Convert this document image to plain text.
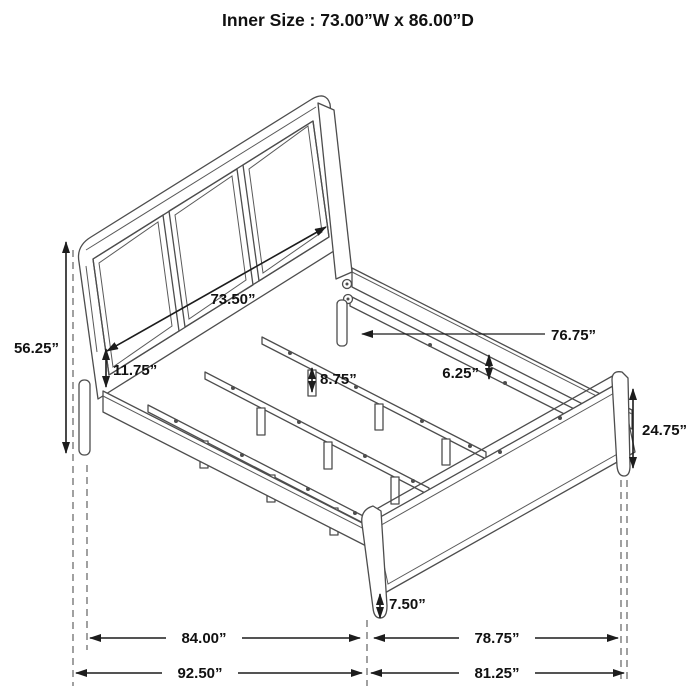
73.50”
76.75”
56.25”
11.75”
8.75”	6.25”
24.75”
7.50”
84.00”	78.75”
92.50”	81.25”
Inner Size : 73.00”W x 86.00”D
